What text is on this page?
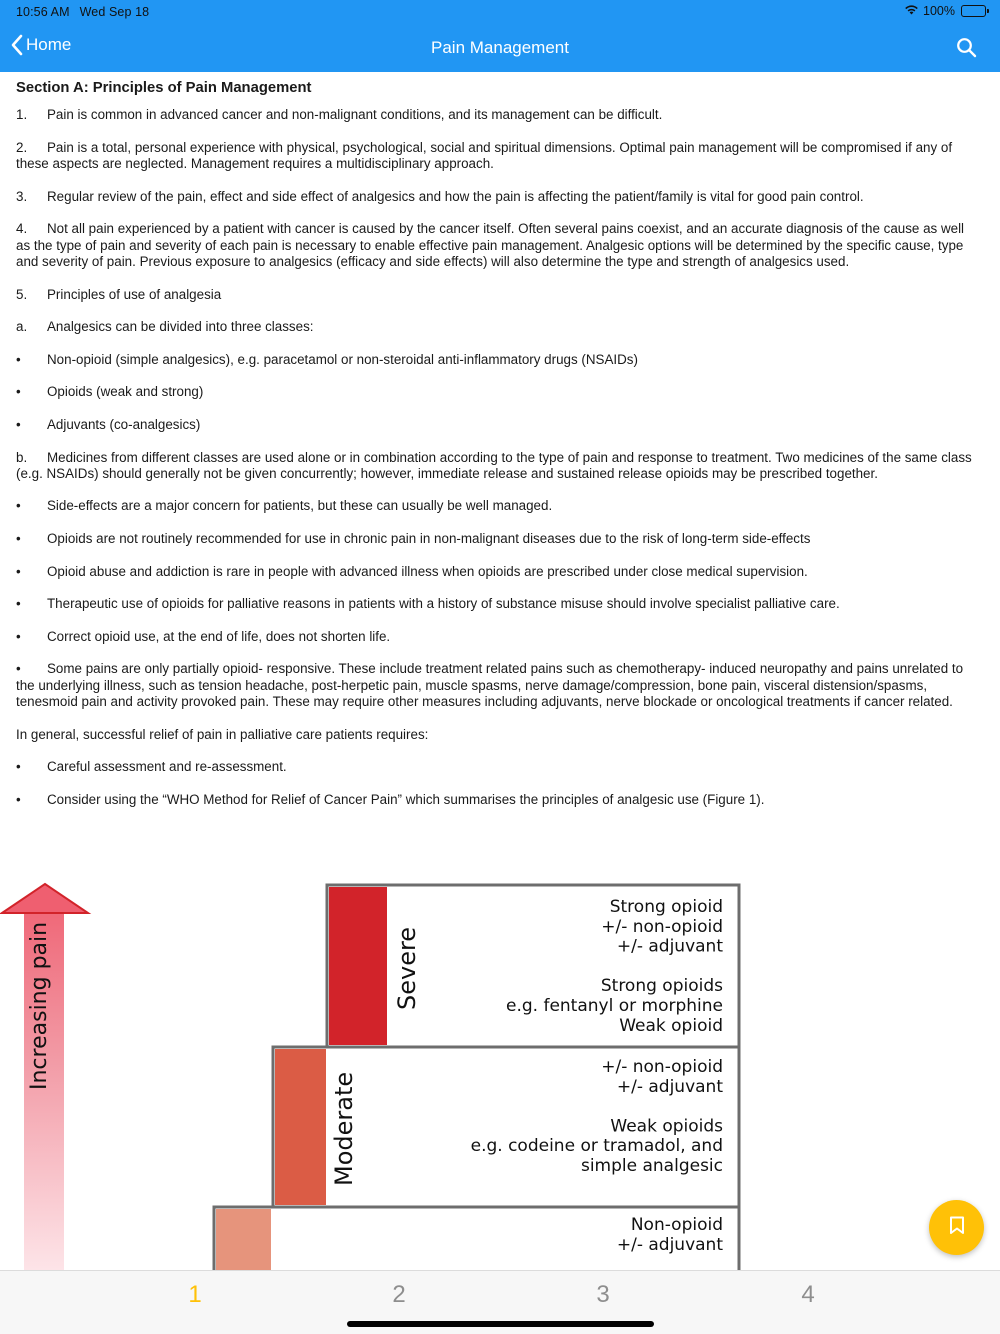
10:56 AM Wed Sep 18	100%
Home	Pain Management
Section A: Principles of Pain Management
1. Pain is common in advanced cancer and non-malignant conditions, and its management can be difficult.
2. Pain is a total, personal experience with physical, psychological, social and spiritual dimensions. Optimal pain management will be compromised if any of these aspects are neglected. Management requires a multidisciplinary approach.
3. Regular review of the pain, effect and side effect of analgesics and how the pain is affecting the patient/family is vital for good pain control.
4. Not all pain experienced by a patient with cancer is caused by the cancer itself. Often several pains coexist, and an accurate diagnosis of the cause as well as the type of pain and severity of each pain is necessary to enable effective pain management. Analgesic options will be determined by the specific cause, type and severity of pain. Previous exposure to analgesics (efficacy and side effects) will also determine the type and strength of analgesics used.
5. Principles of use of analgesia
a. Analgesics can be divided into three classes:
• Non-opioid (simple analgesics), e.g. paracetamol or non-steroidal anti-inflammatory drugs (NSAIDs)
• Opioids (weak and strong)
• Adjuvants (co-analgesics)
b. Medicines from different classes are used alone or in combination according to the type of pain and response to treatment. Two medicines of the same class (e.g. NSAIDs) should generally not be given concurrently; however, immediate release and sustained release opioids may be prescribed together.
• Side-effects are a major concern for patients, but these can usually be well managed.
• Opioids are not routinely recommended for use in chronic pain in non-malignant diseases due to the risk of long-term side-effects
• Opioid abuse and addiction is rare in people with advanced illness when opioids are prescribed under close medical supervision.
• Therapeutic use of opioids for palliative reasons in patients with a history of substance misuse should involve specialist palliative care.
• Correct opioid use, at the end of life, does not shorten life.
• Some pains are only partially opioid- responsive. These include treatment related pains such as chemotherapy- induced neuropathy and pains unrelated to the underlying illness, such as tension headache, post-herpetic pain, muscle spasms, nerve damage/compression, bone pain, visceral distension/spasms, tenesmoid pain and activity provoked pain. These may require other measures including adjuvants, nerve blockade or oncological treatments if cancer related.
In general, successful relief of pain in palliative care patients requires:
• Careful assessment and re-assessment.
• Consider using the “WHO Method for Relief of Cancer Pain” which summarises the principles of analgesic use (Figure 1).
Increasing pain	Severe
Strong opioid
+/- non-opioid
+/- adjuvant
Strong opioids
e.g. fentanyl or morphine
Weak opioid
Moderate
+/- non-opioid
+/- adjuvant
Weak opioids
e.g. codeine or tramadol, and
simple analgesic
Non-opioid
+/- adjuvant
1	2	3	4
